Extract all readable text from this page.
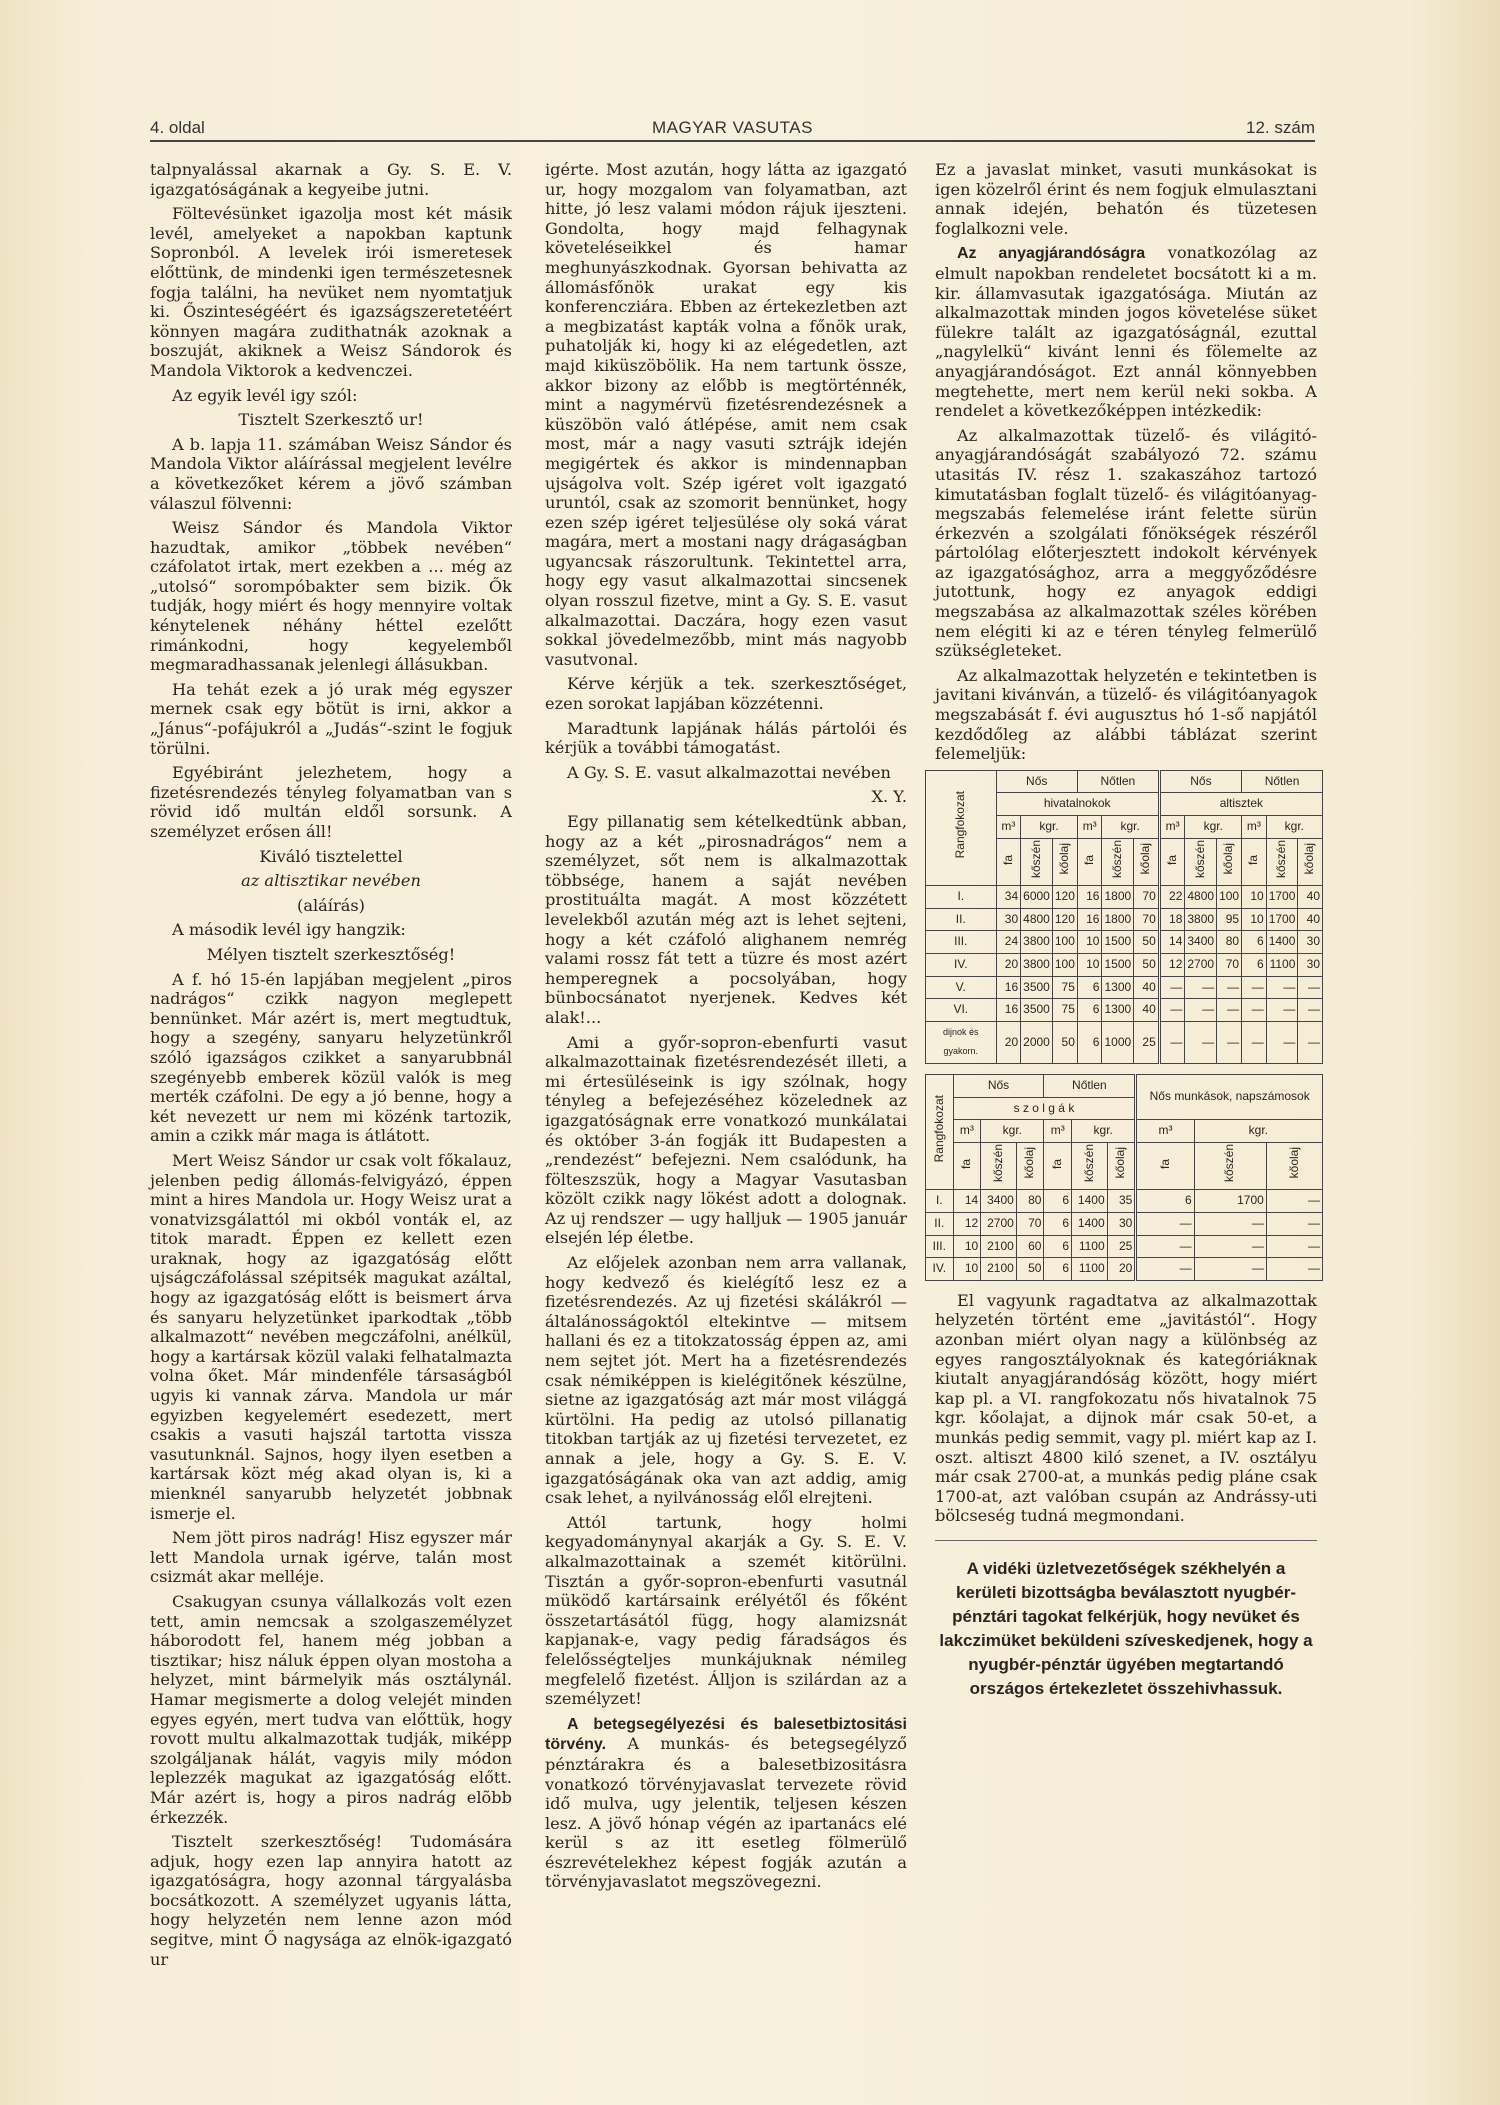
4. oldal	MAGYAR VASUTAS	12. szám

talpnyalással akarnak a Gy. S. E. V. igazgatóságának a kegyeibe jutni.

Föltevésünket igazolja most két másik levél, amelyeket a napokban kaptunk Sopronból. A levelek irói ismeretesek előttünk, de mindenki igen természetesnek fogja találni, ha nevüket nem nyomtatjuk ki. Őszinteségéért és igazságszeretetéért könnyen magára zudithatnák azoknak a boszuját, akiknek a Weisz Sándorok és Mandola Viktorok a kedvenczei.

Az egyik levél igy szól:

Tisztelt Szerkesztő ur!

A b. lapja 11. számában Weisz Sándor és Mandola Viktor aláírással megjelent levélre a következőket kérem a jövő számban válaszul fölvenni:

Weisz Sándor és Mandola Viktor hazudtak, amikor „többek nevében“ czáfolatot irtak, mert ezekben a ... még az „utolsó“ sorompóbakter sem bizik. Ők tudják, hogy miért és hogy mennyire voltak kénytelenek néhány héttel ezelőtt rimánkodni, hogy kegyelemből megmaradhassanak jelenlegi állásukban.

Ha tehát ezek a jó urak még egyszer mernek csak egy bötüt is irni, akkor a „Jánus“-pofájukról a „Judás“-szint le fogjuk törülni.

Egyébiránt jelezhetem, hogy a fizetésrendezés tényleg folyamatban van s rövid idő multán eldől sorsunk. A személyzet erősen áll!

Kiváló tisztelettel

az altisztikar nevében

(aláírás)

A második levél igy hangzik:

Mélyen tisztelt szerkesztőség!

A f. hó 15-én lapjában megjelent „piros nadrágos“ czikk nagyon meglepett bennünket. Már azért is, mert megtudtuk, hogy a szegény, sanyaru helyzetünkről szóló igazságos czikket a sanyarubbnál szegényebb emberek közül valók is meg merték czáfolni. De egy a jó benne, hogy a két nevezett ur nem mi közénk tartozik, amin a czikk már maga is átlátott.

Mert Weisz Sándor ur csak volt főkalauz, jelenben pedig állomás-felvigyázó, éppen mint a hires Mandola ur. Hogy Weisz urat a vonatvizsgálattól mi okból vonták el, az titok maradt. Éppen ez kellett ezen uraknak, hogy az igazgatóság előtt ujságczáfolással szépitsék magukat azáltal, hogy az igazgatóság előtt is beismert árva és sanyaru helyzetünket iparkodtak „több alkalmazott“ nevében megczáfolni, anélkül, hogy a kartársak közül valaki felhatalmazta volna őket. Már mindenféle társaságból ugyis ki vannak zárva. Mandola ur már egyizben kegyelemért esedezett, mert csakis a vasuti hajszál tartotta vissza vasutunknál. Sajnos, hogy ilyen esetben a kartársak közt még akad olyan is, ki a mienknél sanyarubb helyzetét jobbnak ismerje el.

Nem jött piros nadrág! Hisz egyszer már lett Mandola urnak igérve, talán most csizmát akar melléje.

Csakugyan csunya vállalkozás volt ezen tett, amin nemcsak a szolgaszemélyzet háborodott fel, hanem még jobban a tisztikar; hisz náluk éppen olyan mostoha a helyzet, mint bármelyik más osztálynál. Hamar megismerte a dolog velejét minden egyes egyén, mert tudva van előttük, hogy rovott multu alkalmazottak tudják, miképp szolgáljanak hálát, vagyis mily módon leplezzék magukat az igazgatóság előtt. Már azért is, hogy a piros nadrág elõbb érkezzék.

Tisztelt szerkesztőség! Tudomására adjuk, hogy ezen lap annyira hatott az igazgatóságra, hogy azonnal tárgyalásba bocsátkozott. A személyzet ugyanis látta, hogy helyzetén nem lenne azon mód segitve, mint Ő nagysága az elnök-igazgató ur

igérte. Most azután, hogy látta az igazgató ur, hogy mozgalom van folyamatban, azt hitte, jó lesz valami módon rájuk ijeszteni. Gondolta, hogy majd felhagynak követeléseikkel és hamar meghunyászkodnak. Gyorsan behivatta az állomásfőnök urakat egy kis konferencziára. Ebben az értekezletben azt a megbizatást kapták volna a főnök urak, puhatolják ki, hogy ki az elégedetlen, azt majd kiküszöbölik. Ha nem tartunk össze, akkor bizony az előbb is megtörténnék, mint a nagymérvü fizetésrendezésnek a küszöbön való átlépése, amit nem csak most, már a nagy vasuti sztrájk idején megigértek és akkor is mindennapban ujságolva volt. Szép igéret volt igazgató uruntól, csak az szomorit bennünket, hogy ezen szép igéret teljesülése oly soká várat magára, mert a mostani nagy drágaságban ugyancsak rászorultunk. Tekintettel arra, hogy egy vasut alkalmazottai sincsenek olyan rosszul fizetve, mint a Gy. S. E. vasut alkalmazottai. Daczára, hogy ezen vasut sokkal jövedelmezőbb, mint más nagyobb vasutvonal.

Kérve kérjük a tek. szerkesztőséget, ezen sorokat lapjában közzétenni.

Maradtunk lapjának hálás pártolói és kérjük a további támogatást.

A Gy. S. E. vasut alkalmazottai nevében

X. Y.

Egy pillanatig sem kételkedtünk abban, hogy az a két „pirosnadrágos“ nem a személyzet, sőt nem is alkalmazottak többsége, hanem a saját nevében prostituálta magát. A most közzétett levelekből azután még azt is lehet sejteni, hogy a két czáfoló alighanem nemrég valami rossz fát tett a tüzre és most azért hemperegnek a pocsolyában, hogy bünbocsánatot nyerjenek. Kedves két alak!...

Ami a győr-sopron-ebenfurti vasut alkalmazottainak fizetésrendezését illeti, a mi értesüléseink is igy szólnak, hogy tényleg a befejezéséhez közelednek az igazgatóságnak erre vonatkozó munkálatai és október 3-án fogják itt Budapesten a „rendezést“ befejezni. Nem csalódunk, ha fölteszszük, hogy a Magyar Vasutasban közölt czikk nagy lökést adott a dolognak. Az uj rendszer — ugy halljuk — 1905 január elsején lép életbe.

Az előjelek azonban nem arra vallanak, hogy kedvező és kielégítő lesz ez a fizetésrendezés. Az uj fizetési skálákról — általánosságoktól eltekintve — mitsem hallani és ez a titokzatosság éppen az, ami nem sejtet jót. Mert ha a fizetésrendezés csak némiképpen is kielégitőnek készülne, sietne az igazgatóság azt már most világgá kürtölni. Ha pedig az utolsó pillanatig titokban tartják az uj fizetési tervezetet, ez annak a jele, hogy a Gy. S. E. V. igazgatóságának oka van azt addig, amig csak lehet, a nyilvánosság elől elrejteni.

Attól tartunk, hogy holmi kegyadománynyal akarják a Gy. S. E. V. alkalmazottainak a szemét kitörülni. Tisztán a győr-sopron-ebenfurti vasutnál müködő kartársaink erélyétől és főként összetartásától függ, hogy alamizsnát kapjanak-e, vagy pedig fáradságos és felelősségteljes munkájuknak némileg megfelelő fizetést. Álljon is szilárdan az a személyzet!

A betegsegélyezési és balesetbiztositási törvény. A munkás- és betegsegélyző pénztárakra és a balesetbizositásra vonatkozó törvényjavaslat tervezete rövid idő mulva, ugy jelentik, teljesen készen lesz. A jövő hónap végén az ipartanács elé kerül s az itt esetleg fölmerülő észrevételekhez képest fogják azután a törvényjavaslatot megszövegezni.

Ez a javaslat minket, vasuti munkásokat is igen közelről érint és nem fogjuk elmulasztani annak idején, behatón és tüzetesen foglalkozni vele.

Az anyagjárandóságra vonatkozólag az elmult napokban rendeletet bocsátott ki a m. kir. államvasutak igazgatósága. Miután az alkalmazottak minden jogos követelése süket fülekre talált az igazgatóságnál, ezuttal „nagylelkü“ kivánt lenni és fölemelte az anyagjárandóságot. Ezt annál könnyebben megtehette, mert nem kerül neki sokba. A rendelet a következőképpen intézkedik:

Az alkalmazottak tüzelő- és világitó-anyagjárandóságát szabályozó 72. számu utasitás IV. rész 1. szakaszához tartozó kimutatásban foglalt tüzelő- és világitóanyag-megszabás felemelése iránt felette sürün érkezvén a szolgálati főnökségek részéről pártolólag előterjesztett indokolt kérvények az igazgatósághoz, arra a meggyőződésre jutottunk, hogy ez anyagok eddigi megszabása az alkalmazottak széles körében nem elégiti ki az e téren tényleg felmerülő szükségleteket.

Az alkalmazottak helyzetén e tekintetben is javitani kivánván, a tüzelő- és világitóanyagok megszabását f. évi augusztus hó 1-ső napjától kezdődőleg az alábbi táblázat szerint felemeljük:

Rangfokozat	Nős			Nőtlen			Nős			Nőtlen		
	hivatalnokok						altisztek					
	m³	kgr.		m³	kgr.		m³	kgr.		m³	kgr.	
	fa	kőszén	kőolaj	fa	kőszén	kőolaj	fa	kőszén	kőolaj	fa	kőszén	kőolaj
I.	34	6000	120	16	1800	70	22	4800	100	10	1700	40
II.	30	4800	120	16	1800	70	18	3800	95	10	1700	40
III.	24	3800	100	10	1500	50	14	3400	80	6	1400	30
IV.	20	3800	100	10	1500	50	12	2700	70	6	1100	30
V.	16	3500	75	6	1300	40	—	—	—	—	—	—
VI.	16	3500	75	6	1300	40	—	—	—	—	—	—
dijnok és gyakorn.	20	2000	50	6	1000	25	—	—	—	—	—	—
Rangfokozat	Nős			Nőtlen			Nős munkások, napszámosok		
	s z o l g á k								
	m³	kgr.		m³	kgr.		m³	kgr.	
	fa	kőszén	kőolaj	fa	kőszén	kőolaj	fa	kőszén	kőolaj
I.	14	3400	80	6	1400	35	6	1700	—
II.	12	2700	70	6	1400	30	—	—	—
III.	10	2100	60	6	1100	25	—	—	—
IV.	10	2100	50	6	1100	20	—	—	—

El vagyunk ragadtatva az alkalmazottak helyzetén történt eme „javitástól“. Hogy azonban miért olyan nagy a különbség az egyes rangosztályoknak és kategóriáknak kiutalt anyagjárandóság között, hogy miért kap pl. a VI. rangfokozatu nős hivatalnok 75 kgr. kőolajat, a dijnok már csak 50-et, a munkás pedig semmit, vagy pl. miért kap az I. oszt. altiszt 4800 kiló szenet, a IV. osztályu már csak 2700-at, a munkás pedig pláne csak 1700-at, azt valóban csupán az Andrássy-uti bölcseség tudná megmondani.

A vidéki üzletvezetőségek székhelyén a kerületi bizottságba beválasztott nyugbér-pénztári tagokat felkérjük, hogy nevüket és lakczimüket beküldeni szíveskedjenek, hogy a nyugbér-pénztár ügyében megtartandó országos értekezletet összehivhassuk.
